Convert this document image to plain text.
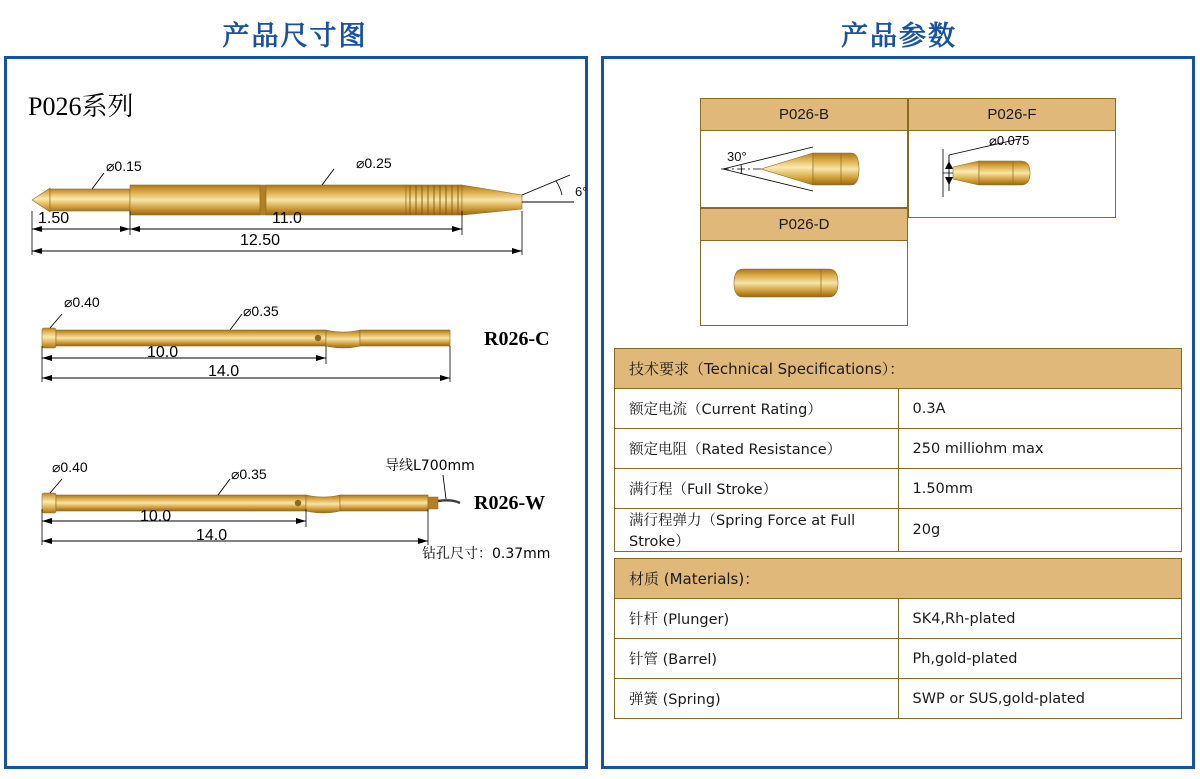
产品尺寸图	产品参数
P026系列
⌀0.15	⌀0.25
6°
1.50	11.0
12.50
⌀0.40
⌀0.35
R026-C
10.0
14.0
⌀0.40	⌀0.35	导线L700mm
R026-W
10.0
14.0
钻孔尺寸：0.37mm
P026-B
30°
P026-F
⌀0.075
P026-D
技术要求（Technical Specifications）：	
额定电流（Current Rating）	0.3A
额定电阻（Rated Resistance）	250 milliohm max
满行程（Full Stroke）	1.50mm
满行程弹力（Spring Force at Full Stroke）	20g
材质 (Materials)：	
针杆 (Plunger)	SK4,Rh-plated
针管 (Barrel)	Ph,gold-plated
弹簧 (Spring)	SWP or SUS,gold-plated
